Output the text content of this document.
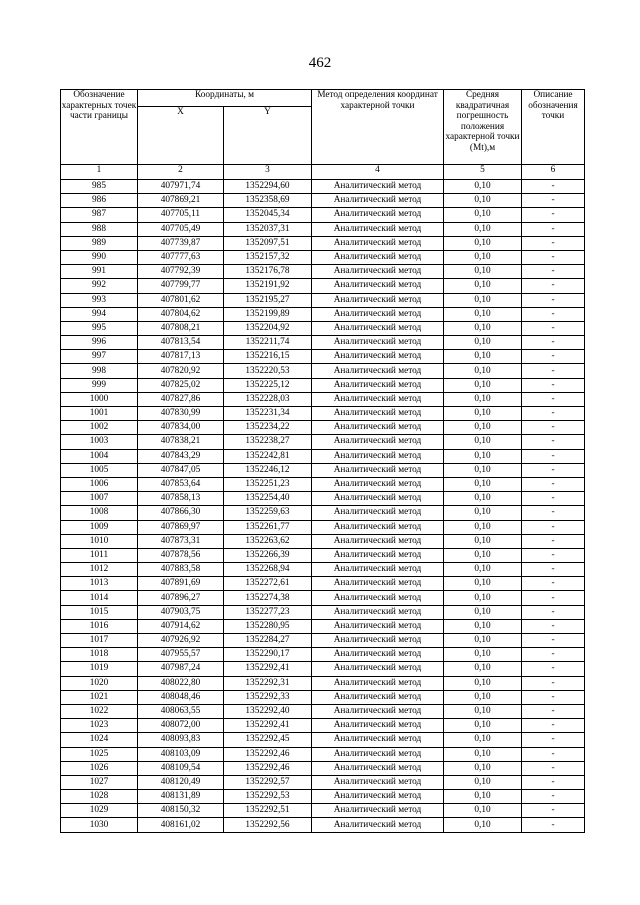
462
Обозначение характерных точек части границы	Координаты, м		Метод определения координат характерной точки	Средняя квадратичная погрешность положения характерной точки (Mt),м	Описание обозначения точки
	X	Y			
1	2	3	4	5	6
985	407971,74	1352294,60	Аналитический метод	0,10	-
986	407869,21	1352358,69	Аналитический метод	0,10	-
987	407705,11	1352045,34	Аналитический метод	0,10	-
988	407705,49	1352037,31	Аналитический метод	0,10	-
989	407739,87	1352097,51	Аналитический метод	0,10	-
990	407777,63	1352157,32	Аналитический метод	0,10	-
991	407792,39	1352176,78	Аналитический метод	0,10	-
992	407799,77	1352191,92	Аналитический метод	0,10	-
993	407801,62	1352195,27	Аналитический метод	0,10	-
994	407804,62	1352199,89	Аналитический метод	0,10	-
995	407808,21	1352204,92	Аналитический метод	0,10	-
996	407813,54	1352211,74	Аналитический метод	0,10	-
997	407817,13	1352216,15	Аналитический метод	0,10	-
998	407820,92	1352220,53	Аналитический метод	0,10	-
999	407825,02	1352225,12	Аналитический метод	0,10	-
1000	407827,86	1352228,03	Аналитический метод	0,10	-
1001	407830,99	1352231,34	Аналитический метод	0,10	-
1002	407834,00	1352234,22	Аналитический метод	0,10	-
1003	407838,21	1352238,27	Аналитический метод	0,10	-
1004	407843,29	1352242,81	Аналитический метод	0,10	-
1005	407847,05	1352246,12	Аналитический метод	0,10	-
1006	407853,64	1352251,23	Аналитический метод	0,10	-
1007	407858,13	1352254,40	Аналитический метод	0,10	-
1008	407866,30	1352259,63	Аналитический метод	0,10	-
1009	407869,97	1352261,77	Аналитический метод	0,10	-
1010	407873,31	1352263,62	Аналитический метод	0,10	-
1011	407878,56	1352266,39	Аналитический метод	0,10	-
1012	407883,58	1352268,94	Аналитический метод	0,10	-
1013	407891,69	1352272,61	Аналитический метод	0,10	-
1014	407896,27	1352274,38	Аналитический метод	0,10	-
1015	407903,75	1352277,23	Аналитический метод	0,10	-
1016	407914,62	1352280,95	Аналитический метод	0,10	-
1017	407926,92	1352284,27	Аналитический метод	0,10	-
1018	407955,57	1352290,17	Аналитический метод	0,10	-
1019	407987,24	1352292,41	Аналитический метод	0,10	-
1020	408022,80	1352292,31	Аналитический метод	0,10	-
1021	408048,46	1352292,33	Аналитический метод	0,10	-
1022	408063,55	1352292,40	Аналитический метод	0,10	-
1023	408072,00	1352292,41	Аналитический метод	0,10	-
1024	408093,83	1352292,45	Аналитический метод	0,10	-
1025	408103,09	1352292,46	Аналитический метод	0,10	-
1026	408109,54	1352292,46	Аналитический метод	0,10	-
1027	408120,49	1352292,57	Аналитический метод	0,10	-
1028	408131,89	1352292,53	Аналитический метод	0,10	-
1029	408150,32	1352292,51	Аналитический метод	0,10	-
1030	408161,02	1352292,56	Аналитический метод	0,10	-
